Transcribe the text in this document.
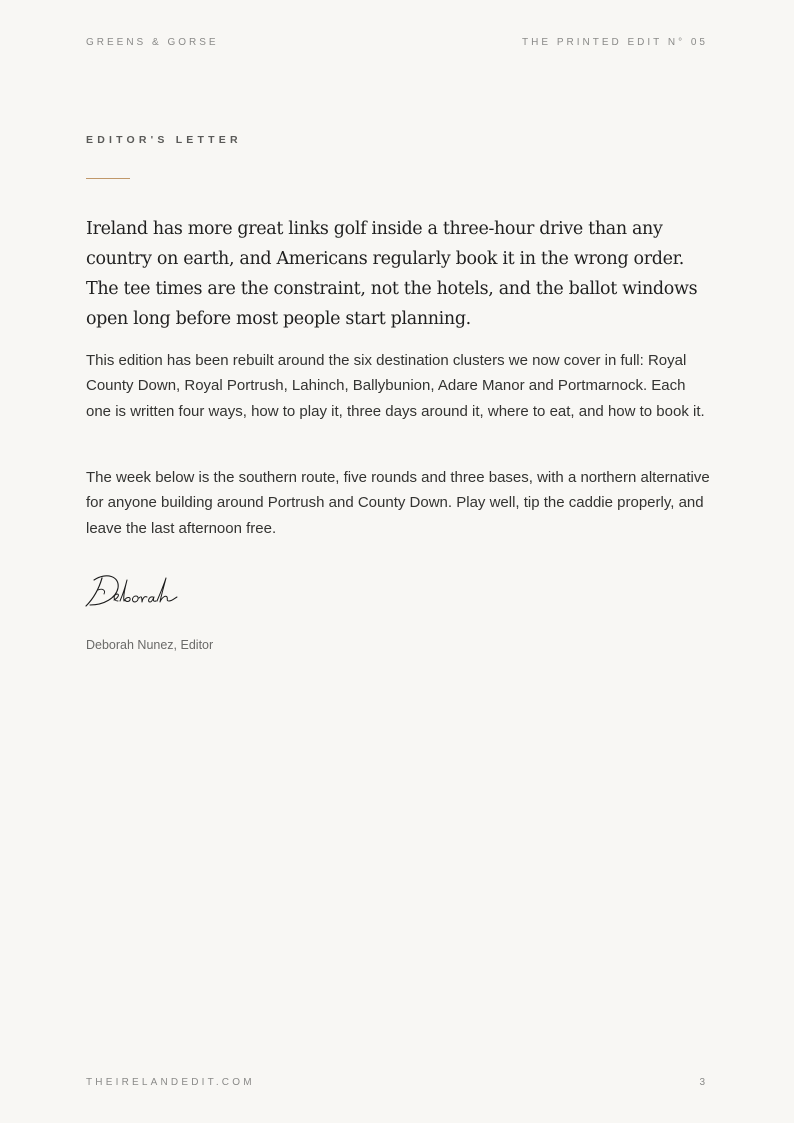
GREENS & GORSE	THE PRINTED EDIT N° 05
EDITOR'S LETTER

Ireland has more great links golf inside a three-hour drive than any country on earth, and Americans regularly book it in the wrong order. The tee times are the constraint, not the hotels, and the ballot windows open long before most people start planning.

This edition has been rebuilt around the six destination clusters we now cover in full: Royal County Down, Royal Portrush, Lahinch, Ballybunion, Adare Manor and Portmarnock. Each one is written four ways, how to play it, three days around it, where to eat, and how to book it.

The week below is the southern route, five rounds and three bases, with a northern alternative for anyone building around Portrush and County Down. Play well, tip the caddie properly, and leave the last afternoon free.

Deborah Nunez, Editor
THEIRELANDEDIT.COM	3
